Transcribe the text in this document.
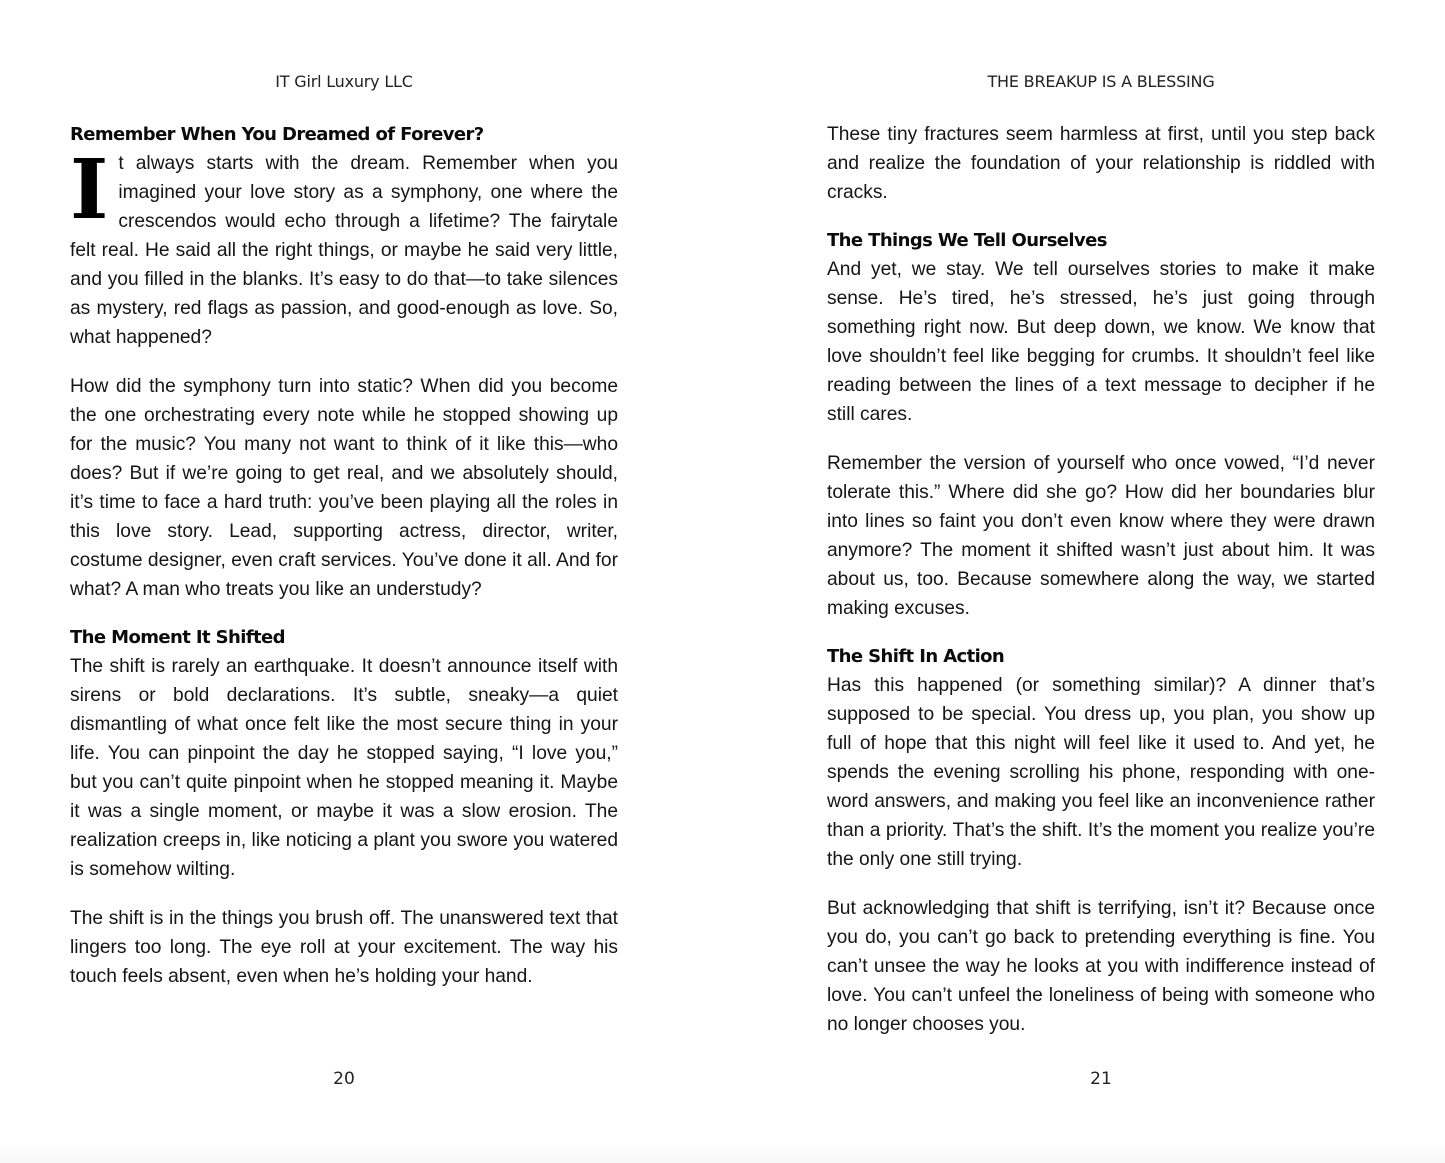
IT Girl Luxury LLC
Remember When You Dreamed of Forever?

It always starts with the dream. Remember when you imagined your love story as a symphony, one where the crescendos would echo through a lifetime? The fairytale felt real. He said all the right things, or maybe he said very little, and you filled in the blanks. It’s easy to do that—to take silences as mystery, red flags as passion, and good-enough as love. So, what happened?

How did the symphony turn into static? When did you become the one orchestrating every note while he stopped showing up for the music? You many not want to think of it like this—who does? But if we’re going to get real, and we absolutely should, it’s time to face a hard truth: you’ve been playing all the roles in this love story. Lead, supporting actress, director, writer, costume designer, even craft services. You’ve done it all. And for what? A man who treats you like an understudy?

The Moment It Shifted

The shift is rarely an earthquake. It doesn’t announce itself with sirens or bold declarations. It’s subtle, sneaky—a quiet dismantling of what once felt like the most secure thing in your life. You can pinpoint the day he stopped saying, “I love you,” but you can’t quite pinpoint when he stopped meaning it. Maybe it was a single moment, or maybe it was a slow erosion. The realization creeps in, like noticing a plant you swore you watered is somehow wilting.

The shift is in the things you brush off. The unanswered text that lingers too long. The eye roll at your excitement. The way his touch feels absent, even when he’s holding your hand.

20
THE BREAKUP IS A BLESSING

These tiny fractures seem harmless at first, until you step back and realize the foundation of your relationship is riddled with cracks.

The Things We Tell Ourselves

And yet, we stay. We tell ourselves stories to make it make sense. He’s tired, he’s stressed, he’s just going through something right now. But deep down, we know. We know that love shouldn’t feel like begging for crumbs. It shouldn’t feel like reading between the lines of a text message to decipher if he still cares.

Remember the version of yourself who once vowed, “I’d never tolerate this.” Where did she go? How did her boundaries blur into lines so faint you don’t even know where they were drawn anymore? The moment it shifted wasn’t just about him. It was about us, too. Because somewhere along the way, we started making excuses.

The Shift In Action

Has this happened (or something similar)? A dinner that’s supposed to be special. You dress up, you plan, you show up full of hope that this night will feel like it used to. And yet, he spends the evening scrolling his phone, responding with one-word answers, and making you feel like an inconvenience rather than a priority. That’s the shift. It’s the moment you realize you’re the only one still trying.

But acknowledging that shift is terrifying, isn’t it? Because once you do, you can’t go back to pretending everything is fine. You can’t unsee the way he looks at you with indifference instead of love. You can’t unfeel the loneliness of being with someone who no longer chooses you.

21
